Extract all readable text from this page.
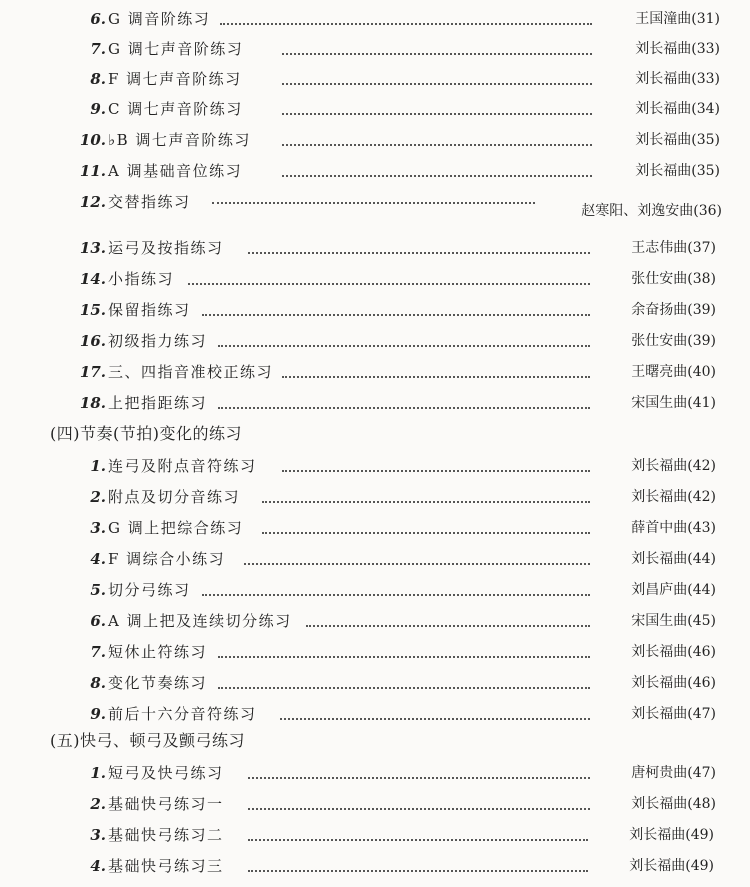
6. G 调音阶练习	王国潼曲(31)
7. G 调七声音阶练习	刘长福曲(33)
8. F 调七声音阶练习	刘长福曲(33)
9. C 调七声音阶练习	刘长福曲(34)
10. ♭B 调七声音阶练习	刘长福曲(35)
11. A 调基础音位练习	刘长福曲(35)
12. 交替指练习	赵寒阳、刘逸安曲(36)
13. 运弓及按指练习	王志伟曲(37)
14. 小指练习	张仕安曲(38)
15. 保留指练习	余奋扬曲(39)
16. 初级指力练习	张仕安曲(39)
17. 三、四指音准校正练习	王曙亮曲(40)
18. 上把指距练习	宋国生曲(41)
(四)节奏(节拍)变化的练习
1. 连弓及附点音符练习	刘长福曲(42)
2. 附点及切分音练习	刘长福曲(42)
3. G 调上把综合练习	薛首中曲(43)
4. F 调综合小练习	刘长福曲(44)
5. 切分弓练习	刘昌庐曲(44)
6. A 调上把及连续切分练习	宋国生曲(45)
7. 短休止符练习	刘长福曲(46)
8. 变化节奏练习	刘长福曲(46)
9. 前后十六分音符练习	刘长福曲(47)
(五)快弓、顿弓及颤弓练习
1. 短弓及快弓练习	唐柯贵曲(47)
2. 基础快弓练习一	刘长福曲(48)
3. 基础快弓练习二	刘长福曲(49)
4. 基础快弓练习三	刘长福曲(49)
